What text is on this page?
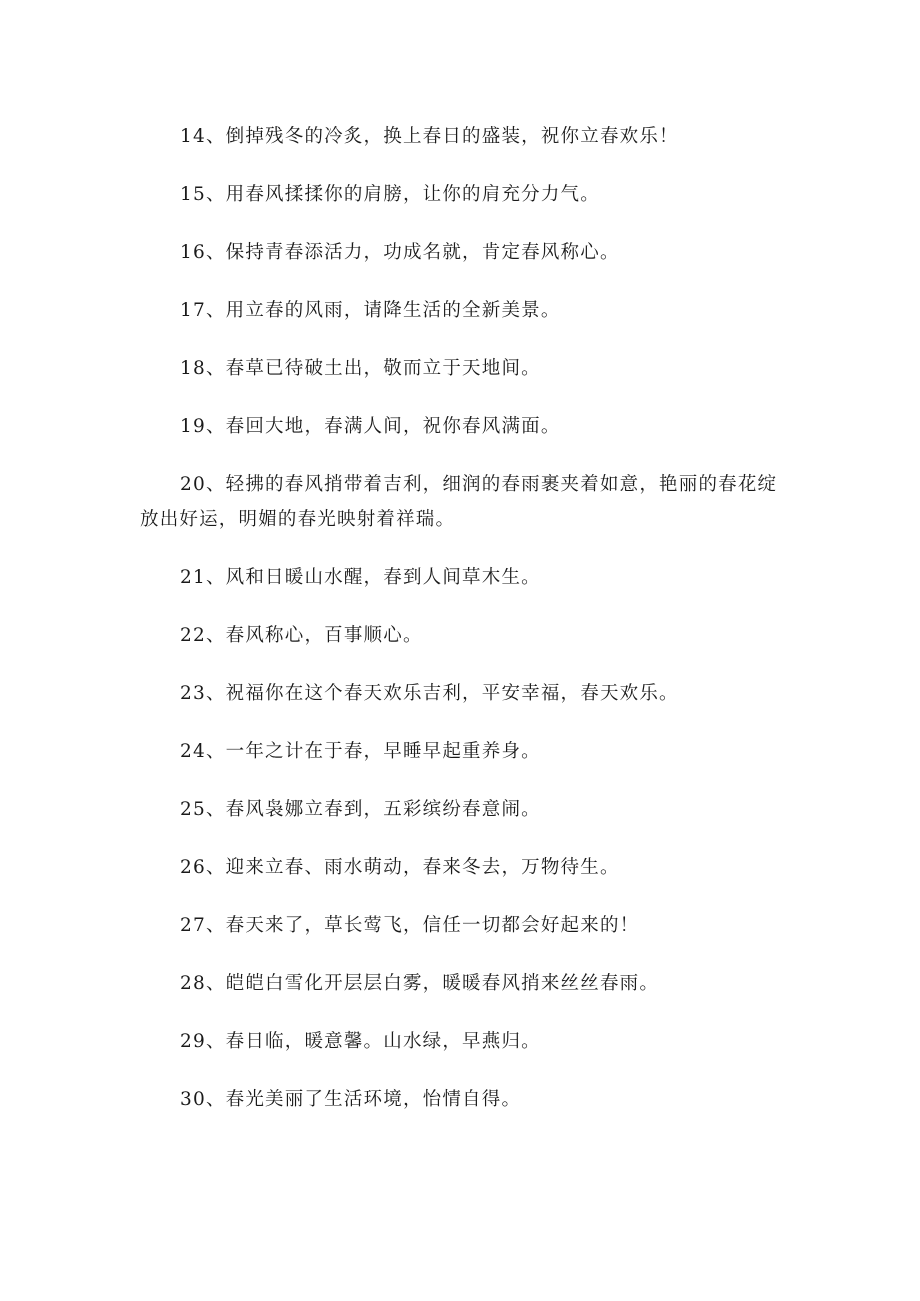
14、倒掉残冬的冷炙，换上春日的盛装，祝你立春欢乐！

15、用春风揉揉你的肩膀，让你的肩充分力气。

16、保持青春添活力，功成名就，肯定春风称心。

17、用立春的风雨，请降生活的全新美景。

18、春草已待破土出，敬而立于天地间。

19、春回大地，春满人间，祝你春风满面。

20、轻拂的春风捎带着吉利，细润的春雨裹夹着如意，艳丽的春花绽放出好运，明媚的春光映射着祥瑞。

21、风和日暖山水醒，春到人间草木生。

22、春风称心，百事顺心。

23、祝福你在这个春天欢乐吉利，平安幸福，春天欢乐。

24、一年之计在于春，早睡早起重养身。

25、春风袅娜立春到，五彩缤纷春意闹。

26、迎来立春、雨水萌动，春来冬去，万物待生。

27、春天来了，草长莺飞，信任一切都会好起来的！

28、皑皑白雪化开层层白雾，暖暖春风捎来丝丝春雨。

29、春日临，暖意馨。山水绿，早燕归。

30、春光美丽了生活环境，怡情自得。
